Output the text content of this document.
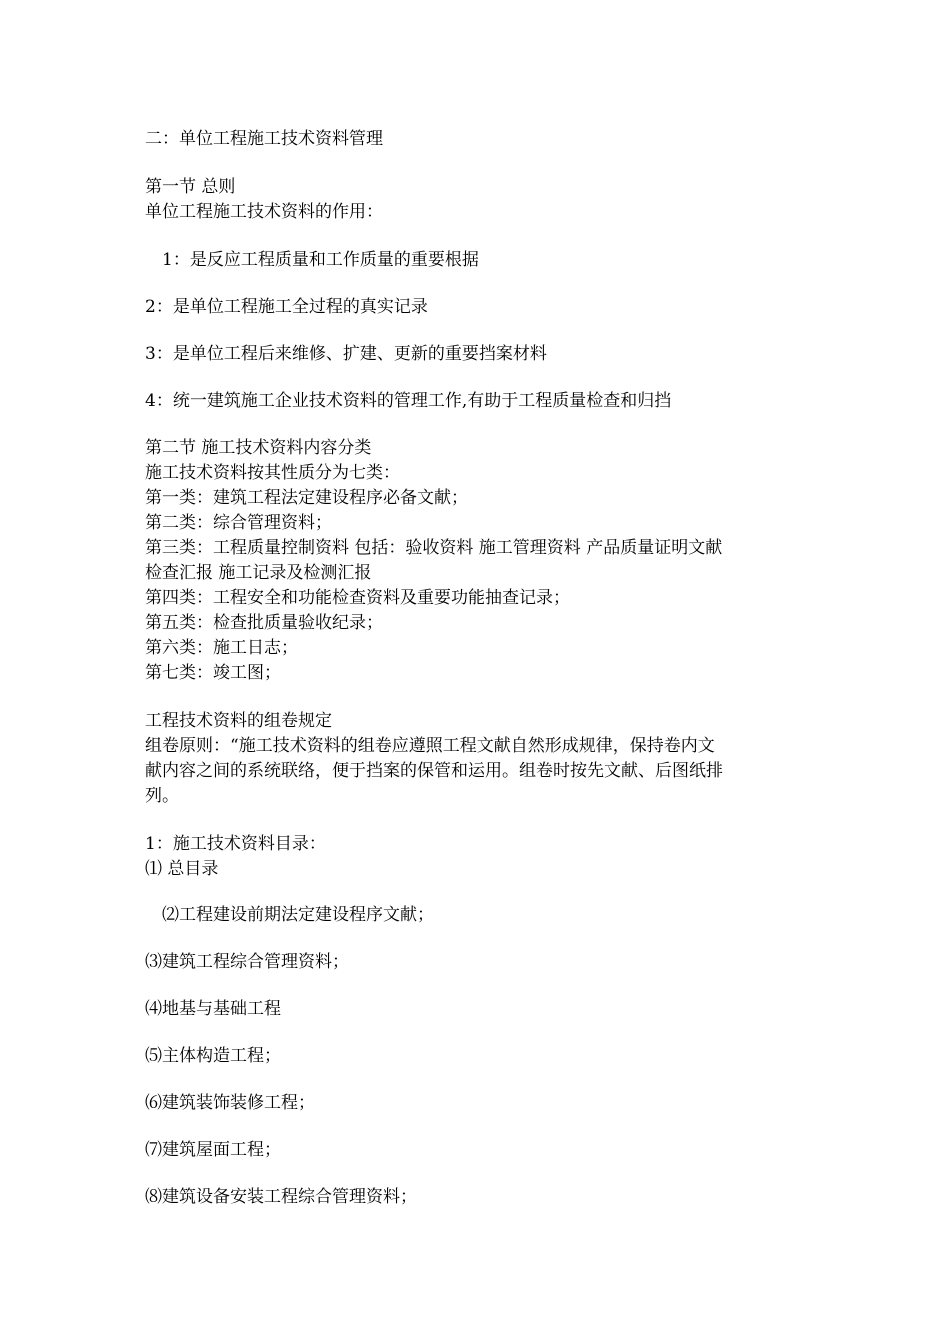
二：单位工程施工技术资料管理
第一节 总则
单位工程施工技术资料的作用：
1：是反应工程质量和工作质量的重要根据
2：是单位工程施工全过程的真实记录
3：是单位工程后来维修、扩建、更新的重要挡案材料
4：统一建筑施工企业技术资料的管理工作,有助于工程质量检查和归挡
第二节 施工技术资料内容分类
施工技术资料按其性质分为七类：
第一类：建筑工程法定建设程序必备文献；
第二类：综合管理资料；
第三类：工程质量控制资料 包括：验收资料 施工管理资料 产品质量证明文献
检查汇报 施工记录及检测汇报
第四类：工程安全和功能检查资料及重要功能抽查记录；
第五类：检查批质量验收纪录；
第六类：施工日志；
第七类：竣工图；
工程技术资料的组卷规定
组卷原则：“施工技术资料的组卷应遵照工程文献自然形成规律，保持卷内文
献内容之间的系统联络，便于挡案的保管和运用。组卷时按先文献、后图纸排
列。
1：施工技术资料目录：
⑴ 总目录
⑵工程建设前期法定建设程序文献；
⑶建筑工程综合管理资料；
⑷地基与基础工程
⑸主体构造工程；
⑹建筑装饰装修工程；
⑺建筑屋面工程；
⑻建筑设备安装工程综合管理资料；
